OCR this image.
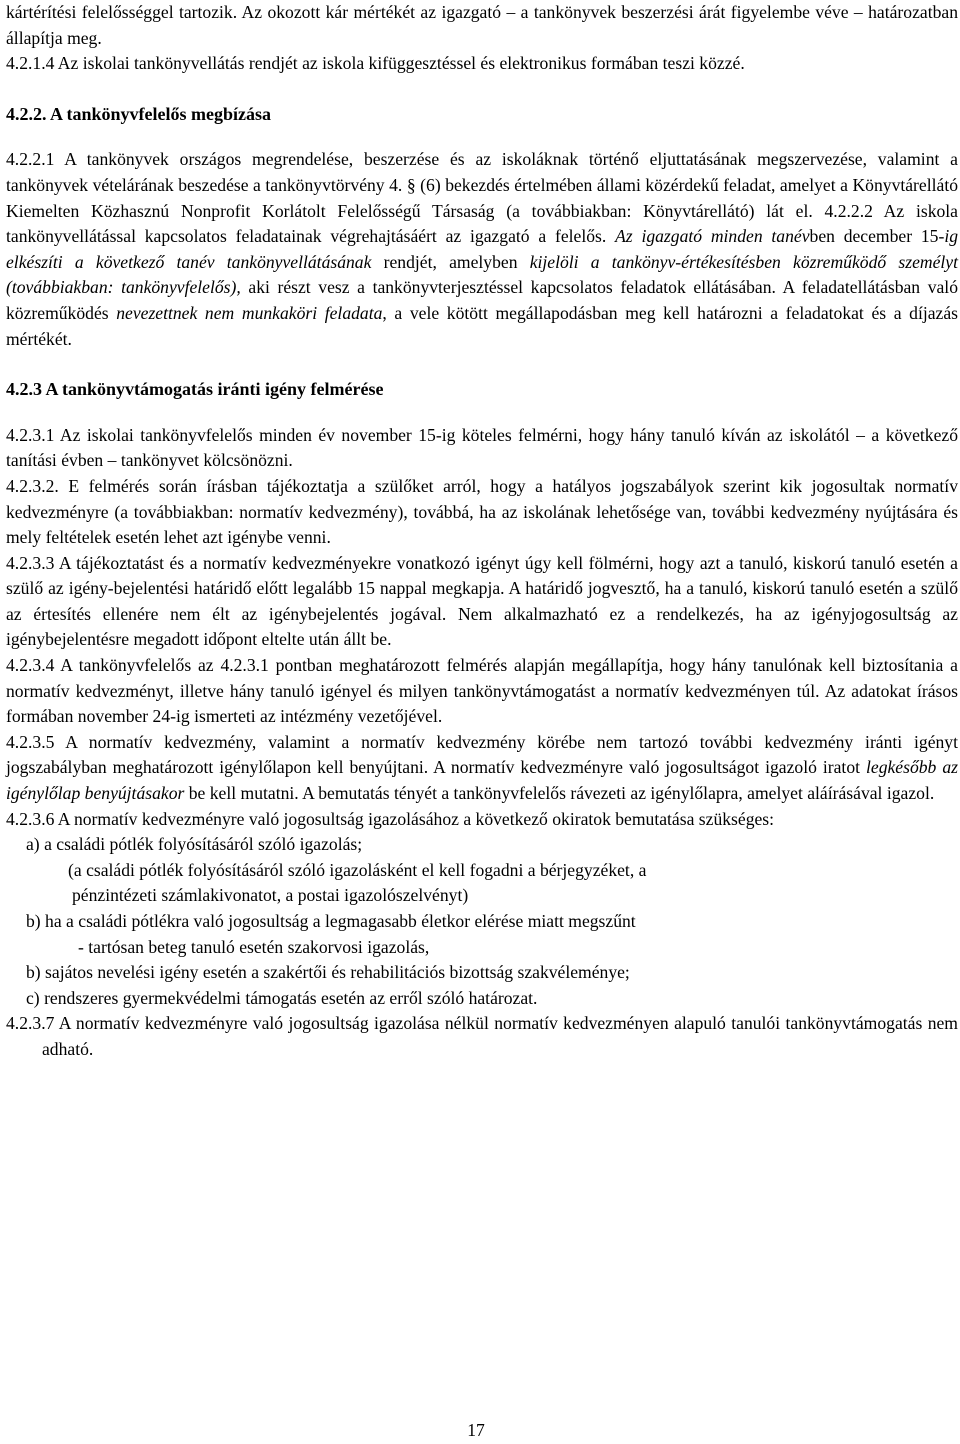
kártérítési felelősséggel tartozik. Az okozott kár mértékét az igazgató – a tankönyvek beszerzési árát figyelembe véve – határozatban állapítja meg.

4.2.1.4 Az iskolai tankönyvellátás rendjét az iskola kifüggesztéssel és elektronikus formában teszi közzé.

4.2.2. A tankönyvfelelős megbízása

4.2.2.1 A tankönyvek országos megrendelése, beszerzése és az iskoláknak történő eljuttatásának megszervezése, valamint a tankönyvek vételárának beszedése a tankönyvtörvény 4. § (6) bekezdés értelmében állami közérdekű feladat, amelyet a Könyvtárellátó Kiemelten Közhasznú Nonprofit Korlátolt Felelősségű Társaság (a továbbiakban: Könyvtárellátó) lát el. 4.2.2.2 Az iskola tankönyvellátással kapcsolatos feladatainak végrehajtásáért az igazgató a felelős. Az igazgató minden tanévben december 15-ig elkészíti a következő tanév tankönyvellátásának rendjét, amelyben kijelöli a tankönyv-értékesítésben közreműködő személyt (továbbiakban: tankönyvfelelős), aki részt vesz a tankönyvterjesztéssel kapcsolatos feladatok ellátásában. A feladatellátásban való közreműködés nevezettnek nem munkaköri feladata, a vele kötött megállapodásban meg kell határozni a feladatokat és a díjazás mértékét.

4.2.3 A tankönyvtámogatás iránti igény felmérése

4.2.3.1 Az iskolai tankönyvfelelős minden év november 15-ig köteles felmérni, hogy hány tanuló kíván az iskolától – a következő tanítási évben – tankönyvet kölcsönözni.

4.2.3.2. E felmérés során írásban tájékoztatja a szülőket arról, hogy a hatályos jogszabályok szerint kik jogosultak normatív kedvezményre (a továbbiakban: normatív kedvezmény), továbbá, ha az iskolának lehetősége van, további kedvezmény nyújtására és mely feltételek esetén lehet azt igénybe venni.

4.2.3.3 A tájékoztatást és a normatív kedvezményekre vonatkozó igényt úgy kell fölmérni, hogy azt a tanuló, kiskorú tanuló esetén a szülő az igény-bejelentési határidő előtt legalább 15 nappal megkapja. A határidő jogvesztő, ha a tanuló, kiskorú tanuló esetén a szülő az értesítés ellenére nem élt az igénybejelentés jogával. Nem alkalmazható ez a rendelkezés, ha az igényjogosultság az igénybejelentésre megadott időpont eltelte után állt be.

4.2.3.4 A tankönyvfelelős az 4.2.3.1 pontban meghatározott felmérés alapján megállapítja, hogy hány tanulónak kell biztosítania a normatív kedvezményt, illetve hány tanuló igényel és milyen tankönyvtámogatást a normatív kedvezményen túl. Az adatokat írásos formában november 24-ig ismerteti az intézmény vezetőjével.

4.2.3.5 A normatív kedvezmény, valamint a normatív kedvezmény körébe nem tartozó további kedvezmény iránti igényt jogszabályban meghatározott igénylőlapon kell benyújtani. A normatív kedvezményre való jogosultságot igazoló iratot legkésőbb az igénylőlap benyújtásakor be kell mutatni. A bemutatás tényét a tankönyvfelelős rávezeti az igénylőlapra, amelyet aláírásával igazol.

4.2.3.6 A normatív kedvezményre való jogosultság igazolásához a következő okiratok bemutatása szükséges:

a) a családi pótlék folyósításáról szóló igazolás;

(a családi pótlék folyósításáról szóló igazolásként el kell fogadni a bérjegyzéket, a

pénzintézeti számlakivonatot, a postai igazolószelvényt)

b) ha a családi pótlékra való jogosultság a legmagasabb életkor elérése miatt megszűnt

- tartósan beteg tanuló esetén szakorvosi igazolás,

b) sajátos nevelési igény esetén a szakértői és rehabilitációs bizottság szakvéleménye;

c) rendszeres gyermekvédelmi támogatás esetén az erről szóló határozat.

4.2.3.7 A normatív kedvezményre való jogosultság igazolása nélkül normatív kedvezményen alapuló tanulói tankönyvtámogatás nem adható.

17
